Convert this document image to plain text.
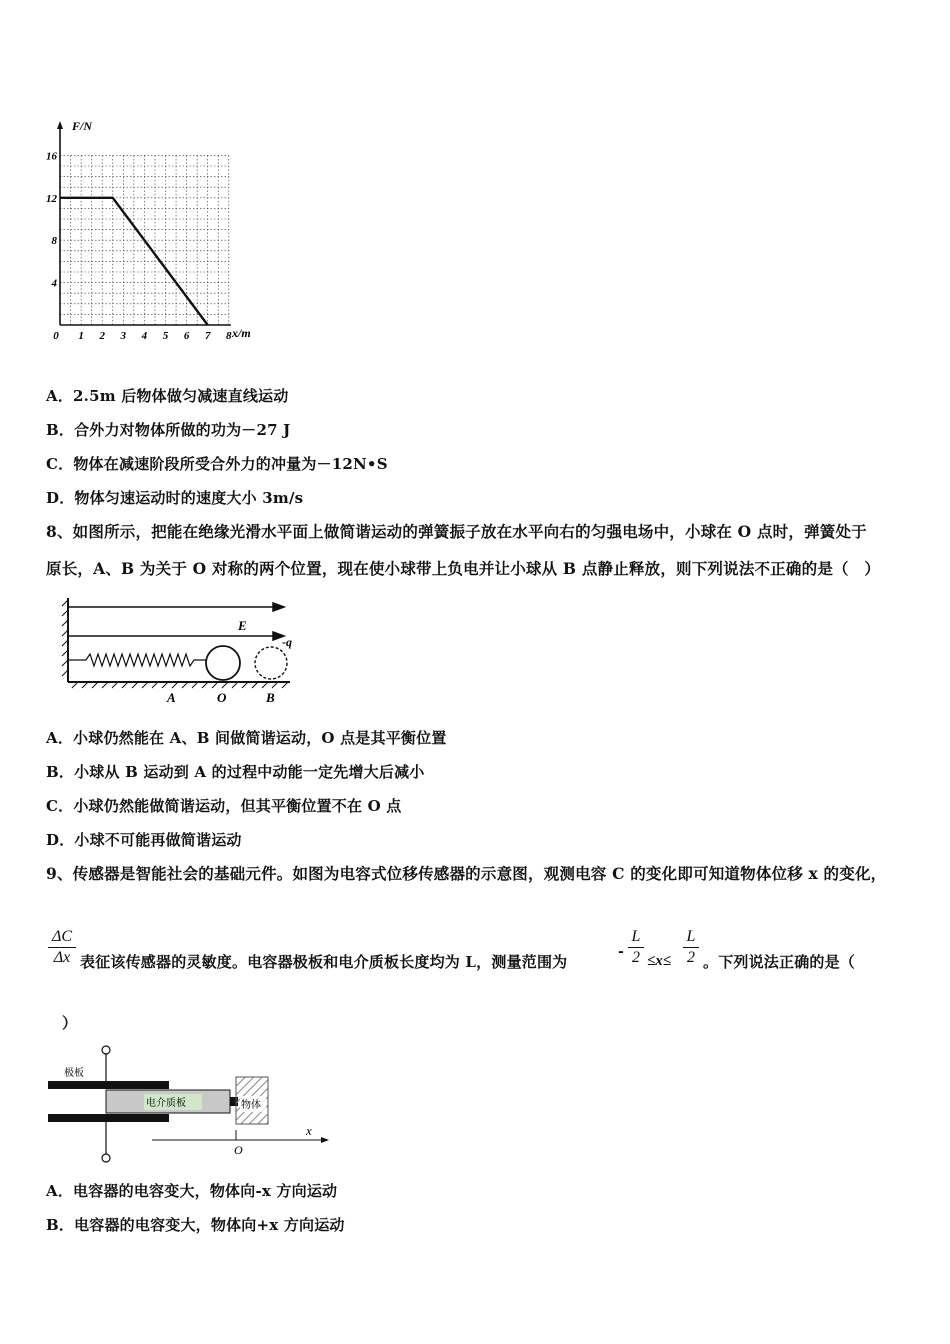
F/N
x/m
16
12
8
4
0 1 2 3 4 5 6 7 8
A．2.5m 后物体做匀减速直线运动
B．合外力对物体所做的功为－27 J
C．物体在减速阶段所受合外力的冲量为－12N•S
D．物体匀速运动时的速度大小 3m/s
8、如图所示，把能在绝缘光滑水平面上做简谐运动的弹簧振子放在水平向右的匀强电场中，小球在 O 点时，弹簧处于
原长，A、B 为关于 O 对称的两个位置，现在使小球带上负电并让小球从 B 点静止释放，则下列说法不正确的是（　）
E
-q
A	O	B
A．小球仍然能在 A、B 间做简谐运动，O 点是其平衡位置
B．小球从 B 运动到 A 的过程中动能一定先增大后减小
C．小球仍然能做简谐运动，但其平衡位置不在 O 点
D．小球不可能再做简谐运动
9、传感器是智能社会的基础元件。如图为电容式位移传感器的示意图，观测电容 C 的变化即可知道物体位移 x 的变化，
ΔC
Δx 表征该传感器的灵敏度。电容器极板和电介质板长度均为 L，测量范围为
-
L
2 ≤x≤
L
2 。下列说法正确的是（
）
极板
电介质板	物体
O
x
A．电容器的电容变大，物体向-x 方向运动
B．电容器的电容变大，物体向+x 方向运动
